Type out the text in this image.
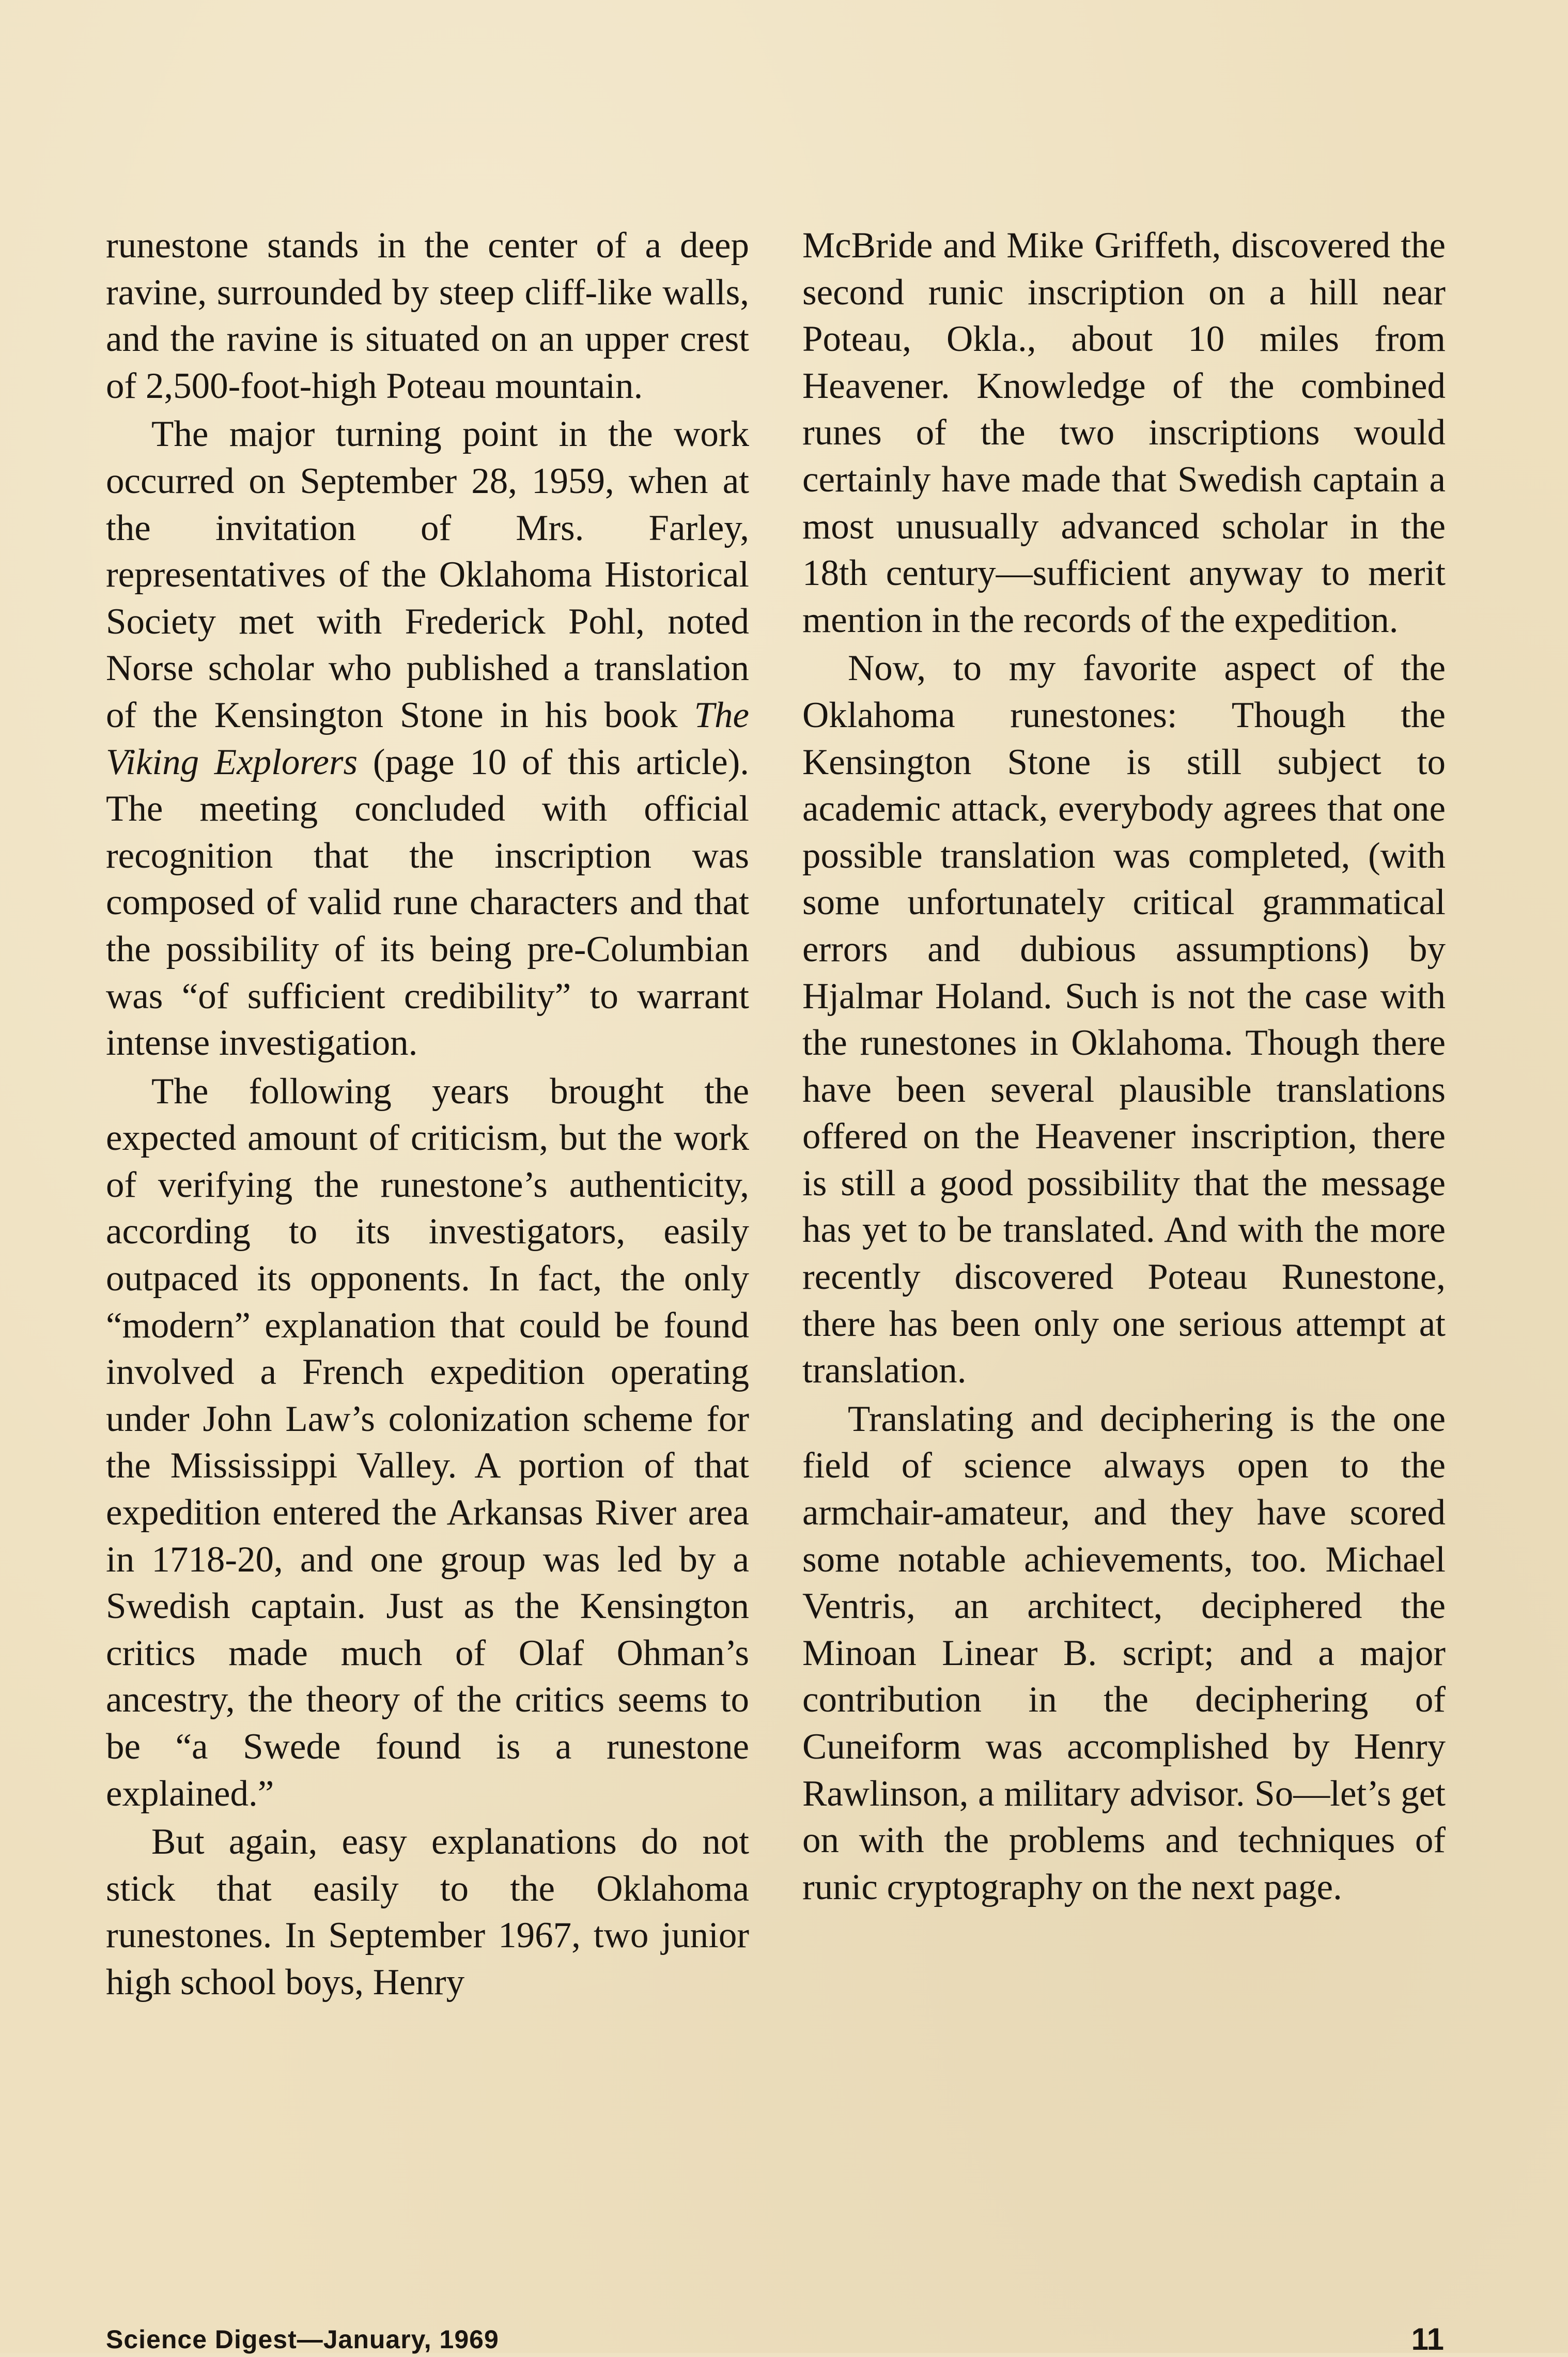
runestone stands in the center of a deep ravine, surrounded by steep cliff-like walls, and the ravine is situated on an upper crest of 2,500-foot-high Poteau mountain.

The major turning point in the work occurred on September 28, 1959, when at the invitation of Mrs. Farley, representatives of the Oklahoma Historical Society met with Frederick Pohl, noted Norse scholar who published a translation of the Kensington Stone in his book The Viking Explorers (page 10 of this article). The meeting concluded with official recognition that the inscription was composed of valid rune characters and that the possibility of its being pre-Columbian was “of sufficient credibility” to warrant intense investigation.

The following years brought the expected amount of criticism, but the work of verifying the runestone’s authenticity, according to its investigators, easily outpaced its opponents. In fact, the only “modern” explanation that could be found involved a French expedition operating under John Law’s colonization scheme for the Mississippi Valley. A portion of that expedition entered the Arkansas River area in 1718-20, and one group was led by a Swedish captain. Just as the Kensington critics made much of Olaf Ohman’s ancestry, the theory of the critics seems to be “a Swede found is a runestone explained.”

But again, easy explanations do not stick that easily to the Oklahoma runestones. In September 1967, two junior high school boys, Henry

McBride and Mike Griffeth, discovered the second runic inscription on a hill near Poteau, Okla., about 10 miles from Heavener. Knowledge of the combined runes of the two inscriptions would certainly have made that Swedish captain a most unusually advanced scholar in the 18th century—sufficient anyway to merit mention in the records of the expedition.

Now, to my favorite aspect of the Oklahoma runestones: Though the Kensington Stone is still subject to academic attack, everybody agrees that one possible translation was completed, (with some unfortunately critical grammatical errors and dubious assumptions) by Hjalmar Holand. Such is not the case with the runestones in Oklahoma. Though there have been several plausible translations offered on the Heavener inscription, there is still a good possibility that the message has yet to be translated. And with the more recently discovered Poteau Runestone, there has been only one serious attempt at translation.

Translating and deciphering is the one field of science always open to the armchair-amateur, and they have scored some notable achievements, too. Michael Ventris, an architect, deciphered the Minoan Linear B. script; and a major contribution in the deciphering of Cuneiform was accomplished by Henry Rawlinson, a military advisor. So—let’s get on with the problems and techniques of runic cryptography on the next page.

Science Digest—January, 1969	11
